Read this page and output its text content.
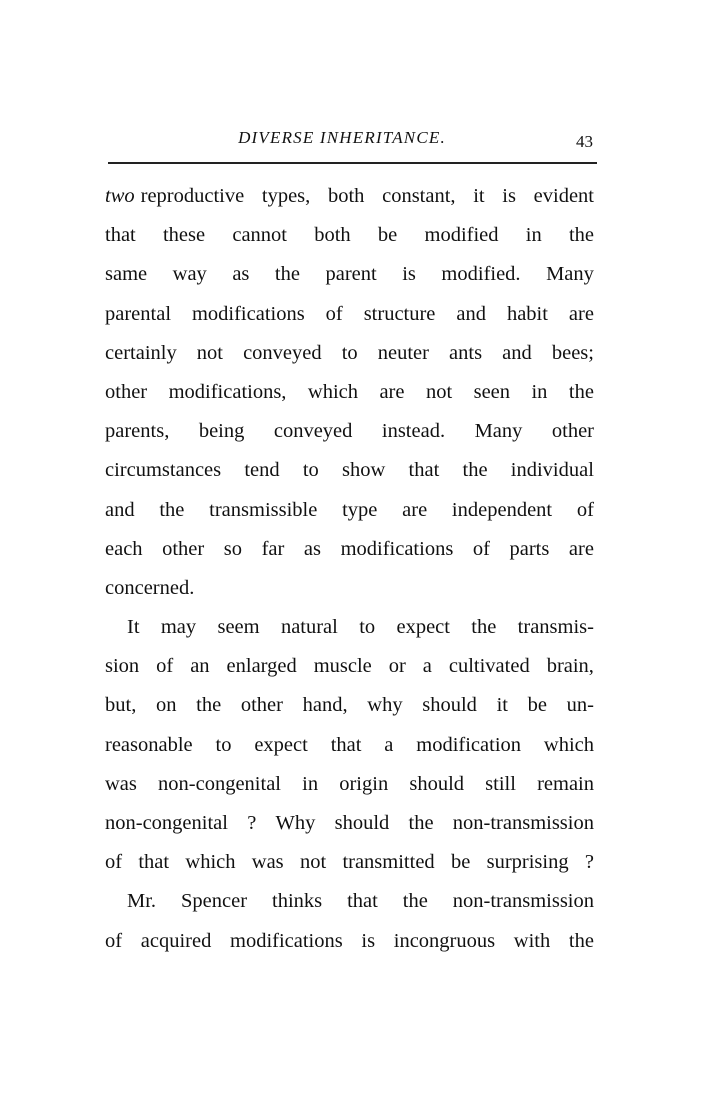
DIVERSE INHERITANCE.	43
two reproductive types, both constant, it is evident
that these cannot both be modified in the
same way as the parent is modified. Many
parental modifications of structure and habit are
certainly not conveyed to neuter ants and bees;
other modifications, which are not seen in the
parents, being conveyed instead. Many other
circumstances tend to show that the individual
and the transmissible type are independent of
each other so far as modifications of parts are
concerned.
It may seem natural to expect the transmis-
sion of an enlarged muscle or a cultivated brain,
but, on the other hand, why should it be un-
reasonable to expect that a modification which
was non-congenital in origin should still remain
non-congenital ? Why should the non-transmission
of that which was not transmitted be surprising ?
Mr. Spencer thinks that the non-transmission
of acquired modifications is incongruous with the
